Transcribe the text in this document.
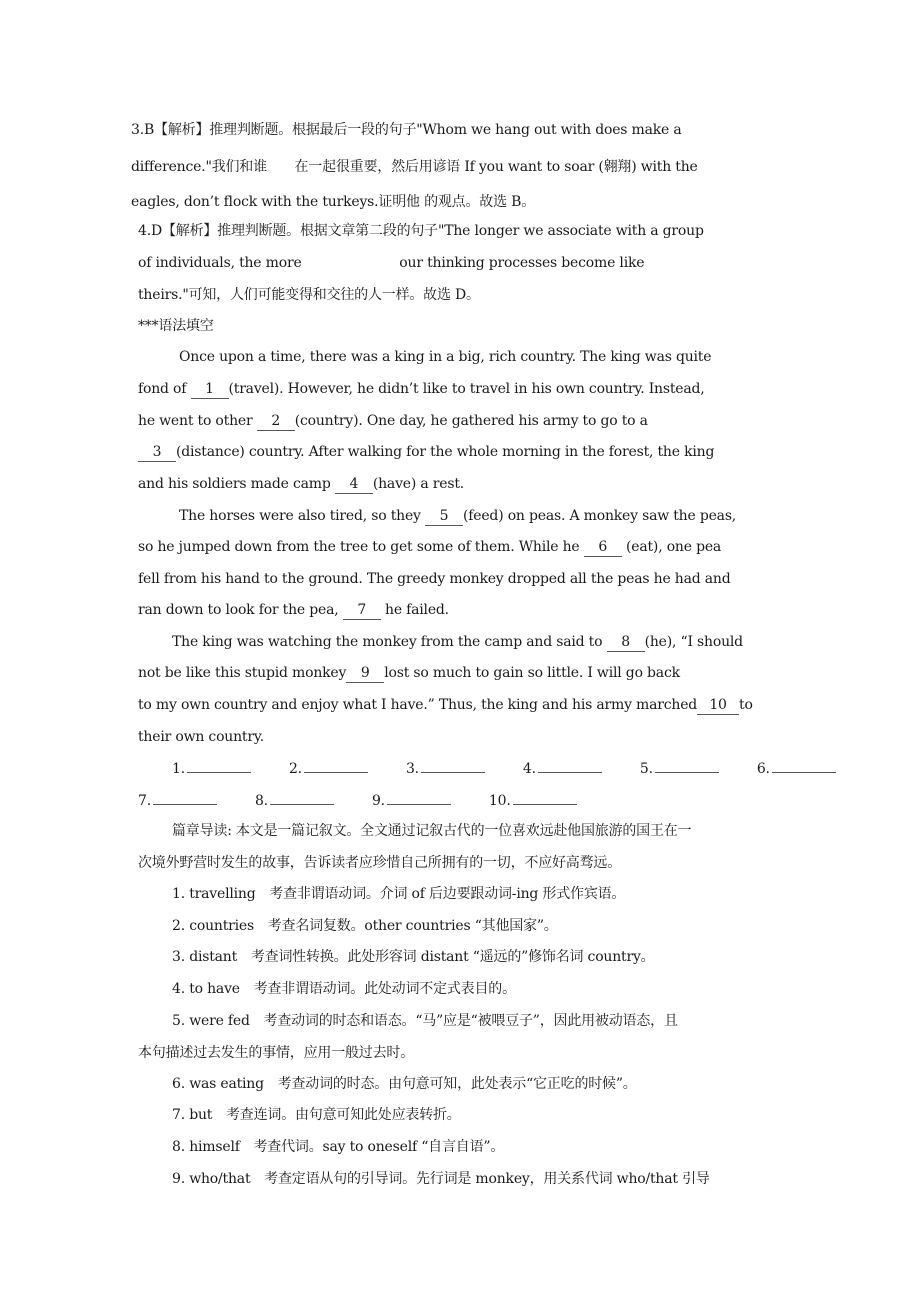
3.B【解析】推理判断题。根据最后一段的句子"Whom we hang out with does make a
difference."我们和谁　　在一起很重要，然后用谚语 If you want to soar (翱翔) with the
eagles, don’t flock with the turkeys.证明他 的观点。故选 B。
4.D【解析】推理判断题。根据文章第二段的句子"The longer we associate with a group
of individuals, the more                       our thinking processes become like
theirs."可知，人们可能变得和交往的人一样。故选 D。
***语法填空
Once upon a time, there was a king in a big, rich country. The king was quite
fond of 1 (travel). However, he didn’t like to travel in his own country. Instead,
he went to other 2 (country). One day, he gathered his army to go to a
3 (distance) country. After walking for the whole morning in the forest, the king
and his soldiers made camp 4 (have) a rest.
The horses were also tired, so they 5 (feed) on peas. A monkey saw the peas,
so he jumped down from the tree to get some of them. While he 6 (eat), one pea
fell from his hand to the ground. The greedy monkey dropped all the peas he had and
ran down to look for the pea, 7 he failed.
The king was watching the monkey from the camp and said to 8 (he), “I should
not be like this stupid monkey 9 lost so much to gain so little. I will go back
to my own country and enjoy what I have.” Thus, the king and his army marched 10 to
their own country.
1.	2.	3.	4.	5.	6.
7.	8.	9.	10.
篇章导读: 本文是一篇记叙文。全文通过记叙古代的一位喜欢远赴他国旅游的国王在一
次境外野营时发生的故事，告诉读者应珍惜自己所拥有的一切，不应好高骛远。
1. travelling　考查非谓语动词。介词 of 后边要跟动词-ing 形式作宾语。
2. countries　考查名词复数。other countries “其他国家”。
3. distant　考查词性转换。此处形容词 distant “遥远的”修饰名词 country。
4. to have　考查非谓语动词。此处动词不定式表目的。
5. were fed　考查动词的时态和语态。“马”应是“被喂豆子”，因此用被动语态，且
本句描述过去发生的事情，应用一般过去时。
6. was eating　考查动词的时态。由句意可知，此处表示“它正吃的时候”。
7. but　考查连词。由句意可知此处应表转折。
8. himself　考查代词。say to oneself “自言自语”。
9. who/that　考查定语从句的引导词。先行词是 monkey，用关系代词 who/that 引导
